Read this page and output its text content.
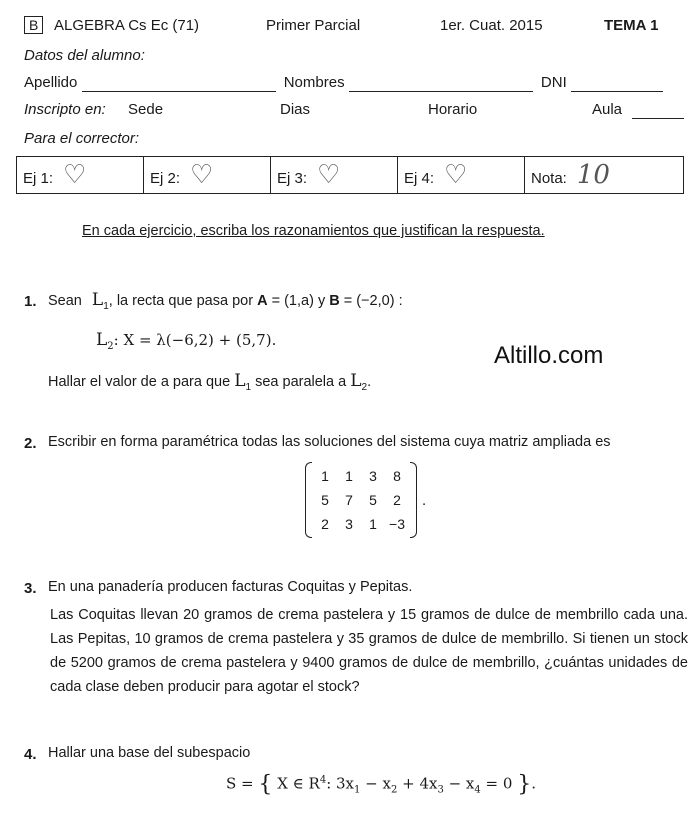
B	ALGEBRA Cs Ec (71)	Primer Parcial	1er. Cuat. 2015	TEMA 1
Datos del alumno:
Apellido	Nombres	DNI
Inscripto en: Sede	Dias	Horario	Aula
Para el corrector:
Ej 1: ♡	Ej 2: ♡	Ej 3: ♡	Ej 4: ♡	Nota: 10
En cada ejercicio, escriba los razonamientos que justifican la respuesta.
1. Sean $L_1$, la recta que pasa por A = (1,a) y B = (−2,0) :
$L_2$: X = λ(−6,2) + (5,7).
Altillo.com
Hallar el valor de a para que $L_1$ sea paralela a $L_2$.
2. Escribir en forma paramétrica todas las soluciones del sistema cuya matriz ampliada es
1	1	3	8
5	7	5	2
2	3	1	−3
.
3. En una panadería producen facturas Coquitas y Pepitas.
Las Coquitas llevan 20 gramos de crema pastelera y 15 gramos de dulce de membrillo cada una. Las Pepitas, 10 gramos de crema pastelera y 35 gramos de dulce de membrillo. Si tienen un stock de 5200 gramos de crema pastelera y 9400 gramos de dulce de membrillo, ¿cuántas unidades de cada clase deben producir para agotar el stock?
4. Hallar una base del subespacio
S = { X ∈ $R^4$: $3x_1 - x_2 + 4x_3 - x_4 = 0$ }.
